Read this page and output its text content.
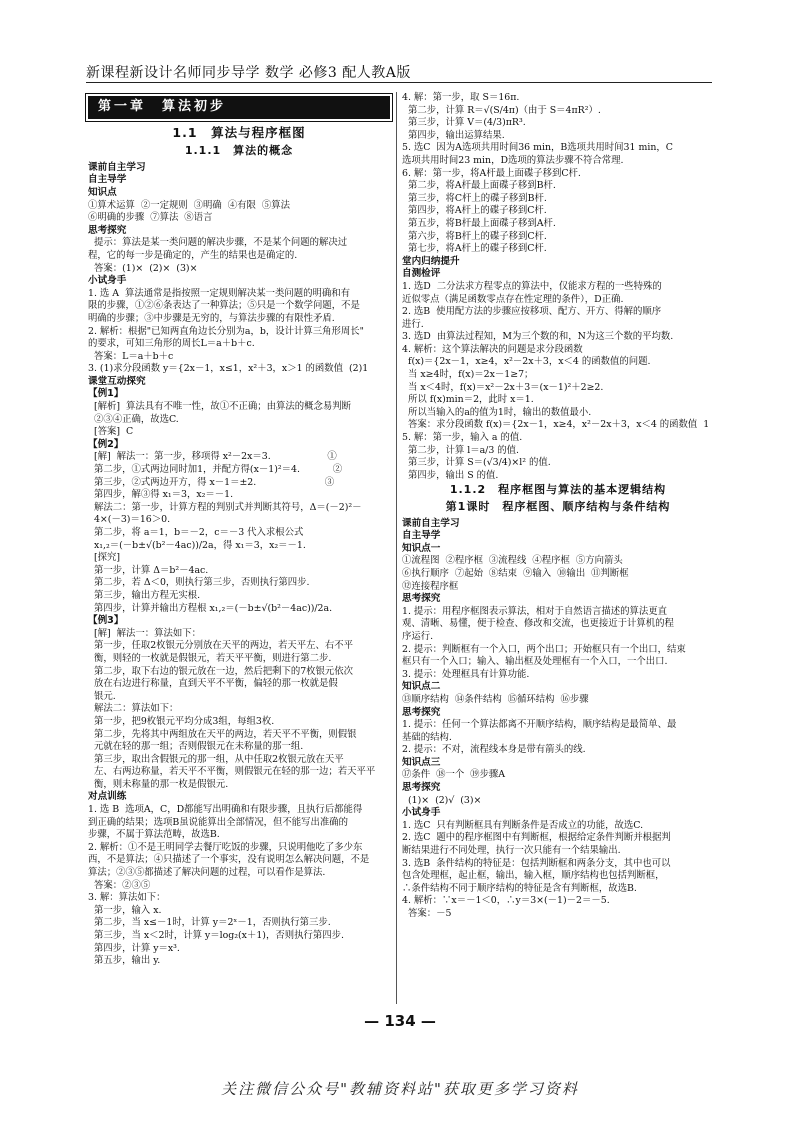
新课程新设计名师同步导学 数学 必修3 配人教A版
第一章　算法初步
1.1　算法与程序框图
1.1.1　算法的概念
课前自主学习
自主导学
知识点
①算术运算  ②一定规则  ③明确  ④有限  ⑤算法
⑥明确的步骤  ⑦算法  ⑧语言
思考探究
提示：算法是某一类问题的解决步骤，不是某个问题的解决过
程，它的每一步是确定的，产生的结果也是确定的.
答案：(1)×  (2)×  (3)×
小试身手
1. 选 A  算法通常是指按照一定规则解决某一类问题的明确和有
限的步骤，①②⑥条表达了一种算法；⑤只是一个数学问题，不是
明确的步骤；③中步骤是无穷的，与算法步骤的有限性矛盾.
2. 解析：根据"已知两直角边长分别为a，b，设计计算三角形周长"
的要求，可知三角形的周长L＝a＋b＋c.
答案：L＝a＋b＋c
3. (1)求分段函数 y＝{2x－1，x≤1，x²＋3，x＞1 的函数值  (2)1
课堂互动探究
【例1】
[解析]  算法具有不唯一性，故①不正确；由算法的概念易判断
②③④正确，故选C.
[答案]  C
【例2】
[解]  解法一：第一步，移项得 x²－2x＝3.                   ①
第二步，①式两边同时加1，并配方得(x－1)²＝4.           ②
第三步，②式两边开方，得 x－1＝±2.                       ③
第四步，解③得 x₁＝3，x₂＝－1.
解法二：第一步，计算方程的判别式并判断其符号，Δ＝(－2)²－
4×(－3)＝16＞0.
第二步，将 a＝1，b＝－2，c＝－3 代入求根公式
x₁,₂＝(－b±√(b²－4ac))/2a，得 x₁＝3，x₂＝－1.
[探究]
第一步，计算 Δ＝b²－4ac.
第二步，若 Δ＜0，则执行第三步，否则执行第四步.
第三步，输出方程无实根.
第四步，计算并输出方程根 x₁,₂＝(－b±√(b²－4ac))/2a.
【例3】
[解]  解法一：算法如下：
第一步，任取2枚银元分别放在天平的两边，若天平左、右不平
衡，则轻的一枚就是假银元，若天平平衡，则进行第二步.
第二步，取下右边的银元放在一边，然后把剩下的7枚银元依次
放在右边进行称量，直到天平不平衡，偏轻的那一枚就是假
银元.
解法二：算法如下：
第一步，把9枚银元平均分成3组，每组3枚.
第二步，先将其中两组放在天平的两边，若天平不平衡，则假银
元就在轻的那一组；否则假银元在未称量的那一组.
第三步，取出含假银元的那一组，从中任取2枚银元放在天平
左、右两边称量，若天平不平衡，则假银元在轻的那一边；若天平平
衡，则未称量的那一枚是假银元.
对点训练
1. 选 B  选项A，C，D都能写出明确和有限步骤，且执行后都能得
到正确的结果；选项B虽说能算出全部情况，但不能写出准确的
步骤，不属于算法范畴，故选B.
2. 解析：①不是王明同学去餐厅吃饭的步骤，只说明他吃了多少东
西，不是算法；④只描述了一个事实，没有说明怎么解决问题，不是
算法；②③⑤都描述了解决问题的过程，可以看作是算法.
答案：②③⑤
3. 解：算法如下：
第一步，输入 x.
第二步，当 x≤－1时，计算 y＝2ˣ－1，否则执行第三步.
第三步，当 x＜2时，计算 y＝log₂(x＋1)，否则执行第四步.
第四步，计算 y＝x³.
第五步，输出 y.
4. 解：第一步，取 S＝16π.
第二步，计算 R＝√(S/4π)（由于 S＝4πR²）.
第三步，计算 V＝(4/3)πR³.
第四步，输出运算结果.
5. 选C  因为A选项共用时间36 min，B选项共用时间31 min，C
选项共用时间23 min，D选项的算法步骤不符合常理.
6. 解：第一步，将A杆最上面碟子移到C杆.
第二步，将A杆最上面碟子移到B杆.
第三步，将C杆上的碟子移到B杆.
第四步，将A杆上的碟子移到C杆.
第五步，将B杆最上面碟子移到A杆.
第六步，将B杆上的碟子移到C杆.
第七步，将A杆上的碟子移到C杆.
堂内归纳提升
自测检评
1. 选D  二分法求方程零点的算法中，仅能求方程的一些特殊的
近似零点（满足函数零点存在性定理的条件），D正确.
2. 选B  使用配方法的步骤应按移项、配方、开方、得解的顺序
进行.
3. 选D  由算法过程知，M为三个数的和，N为这三个数的平均数.
4. 解析：这个算法解决的问题是求分段函数
f(x)＝{2x－1，x≥4，x²－2x＋3，x＜4 的函数值的问题.
当 x≥4时，f(x)＝2x－1≥7；
当 x＜4时，f(x)＝x²－2x＋3＝(x－1)²＋2≥2.
所以 f(x)min＝2，此时 x＝1.
所以当输入的a的值为1时，输出的数值最小.
答案：求分段函数 f(x)＝{2x－1，x≥4，x²－2x＋3，x＜4 的函数值  1
5. 解：第一步，输入 a 的值.
第二步，计算 l＝a/3 的值.
第三步，计算 S＝(√3/4)×l² 的值.
第四步，输出 S 的值.
1.1.2　程序框图与算法的基本逻辑结构
第1课时　程序框图、顺序结构与条件结构
课前自主学习
自主导学
知识点一
①流程图  ②程序框  ③流程线  ④程序框  ⑤方向箭头
⑥执行顺序  ⑦起始  ⑧结束  ⑨输入  ⑩输出  ⑪判断框
⑫连接程序框
思考探究
1. 提示：用程序框图表示算法，相对于自然语言描述的算法更直
观、清晰、易懂，便于检查、修改和交流，也更接近于计算机的程
序运行.
2. 提示：判断框有一个入口，两个出口；开始框只有一个出口，结束
框只有一个入口；输入、输出框及处理框有一个入口，一个出口.
3. 提示：处理框具有计算功能.
知识点二
⑬顺序结构  ⑭条件结构  ⑮循环结构  ⑯步骤
思考探究
1. 提示：任何一个算法都离不开顺序结构，顺序结构是最简单、最
基础的结构.
2. 提示：不对，流程线本身是带有箭头的线.
知识点三
⑰条件  ⑱一个  ⑲步骤A
思考探究
(1)×  (2)√  (3)×
小试身手
1. 选C  只有判断框具有判断条件是否成立的功能，故选C.
2. 选C  题中的程序框图中有判断框，根据给定条件判断并根据判
断结果进行不同处理，执行一次只能有一个结果输出.
3. 选B  条件结构的特征是：包括判断框和两条分支，其中也可以
包含处理框，起止框，输出，输入框，顺序结构也包括判断框，
∴条件结构不同于顺序结构的特征是含有判断框，故选B.
4. 解析：∵x＝－1＜0，∴y＝3×(－1)－2＝－5.
答案：－5
— 134 —
关注微信公众号"教辅资料站"获取更多学习资料
